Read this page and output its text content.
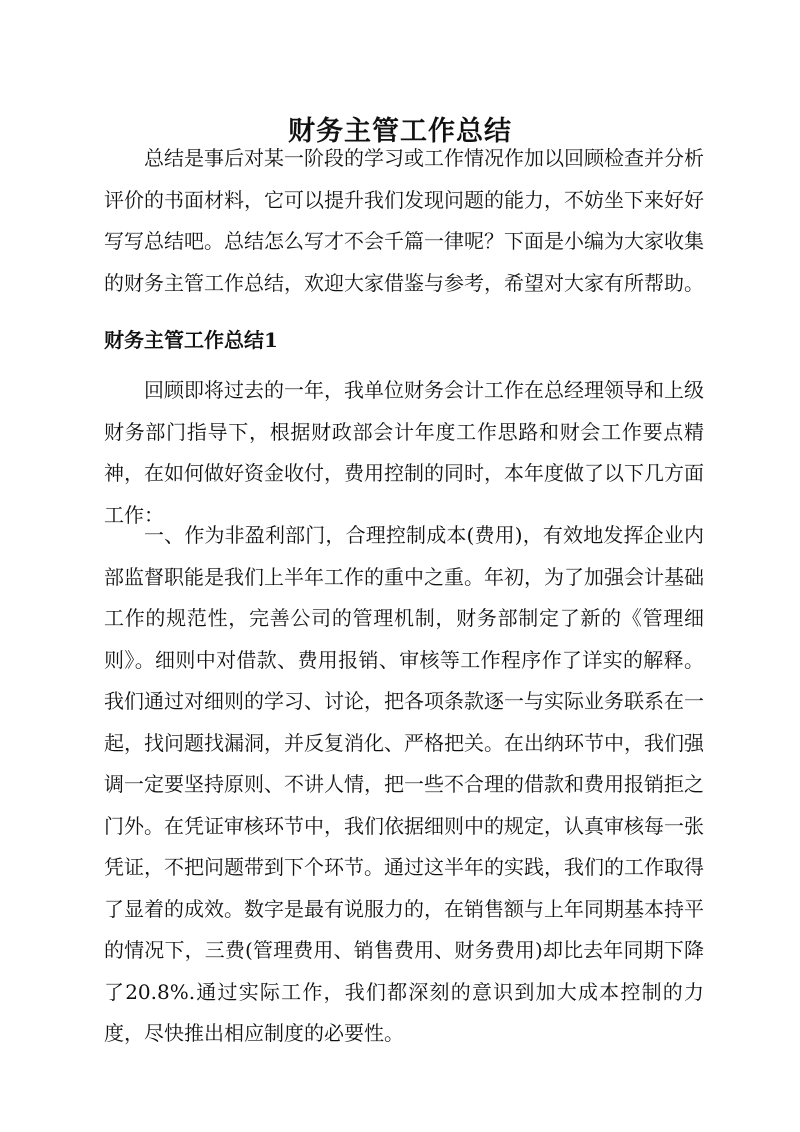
财务主管工作总结

总结是事后对某一阶段的学习或工作情况作加以回顾检查并分析评价的书面材料，它可以提升我们发现问题的能力，不妨坐下来好好写写总结吧。总结怎么写才不会千篇一律呢？下面是小编为大家收集的财务主管工作总结，欢迎大家借鉴与参考，希望对大家有所帮助。

财务主管工作总结1

回顾即将过去的一年，我单位财务会计工作在总经理领导和上级财务部门指导下，根据财政部会计年度工作思路和财会工作要点精神，在如何做好资金收付，费用控制的同时，本年度做了以下几方面工作：

一、作为非盈利部门，合理控制成本(费用)，有效地发挥企业内部监督职能是我们上半年工作的重中之重。年初，为了加强会计基础工作的规范性，完善公司的管理机制，财务部制定了新的《管理细则》。细则中对借款、费用报销、审核等工作程序作了详实的解释。我们通过对细则的学习、讨论，把各项条款逐一与实际业务联系在一起，找问题找漏洞，并反复消化、严格把关。在出纳环节中，我们强调一定要坚持原则、不讲人情，把一些不合理的借款和费用报销拒之门外。在凭证审核环节中，我们依据细则中的规定，认真审核每一张凭证，不把问题带到下个环节。通过这半年的实践，我们的工作取得了显着的成效。数字是最有说服力的，在销售额与上年同期基本持平的情况下，三费(管理费用、销售费用、财务费用)却比去年同期下降了20.8%.通过实际工作，我们都深刻的意识到加大成本控制的力度，尽快推出相应制度的必要性。
